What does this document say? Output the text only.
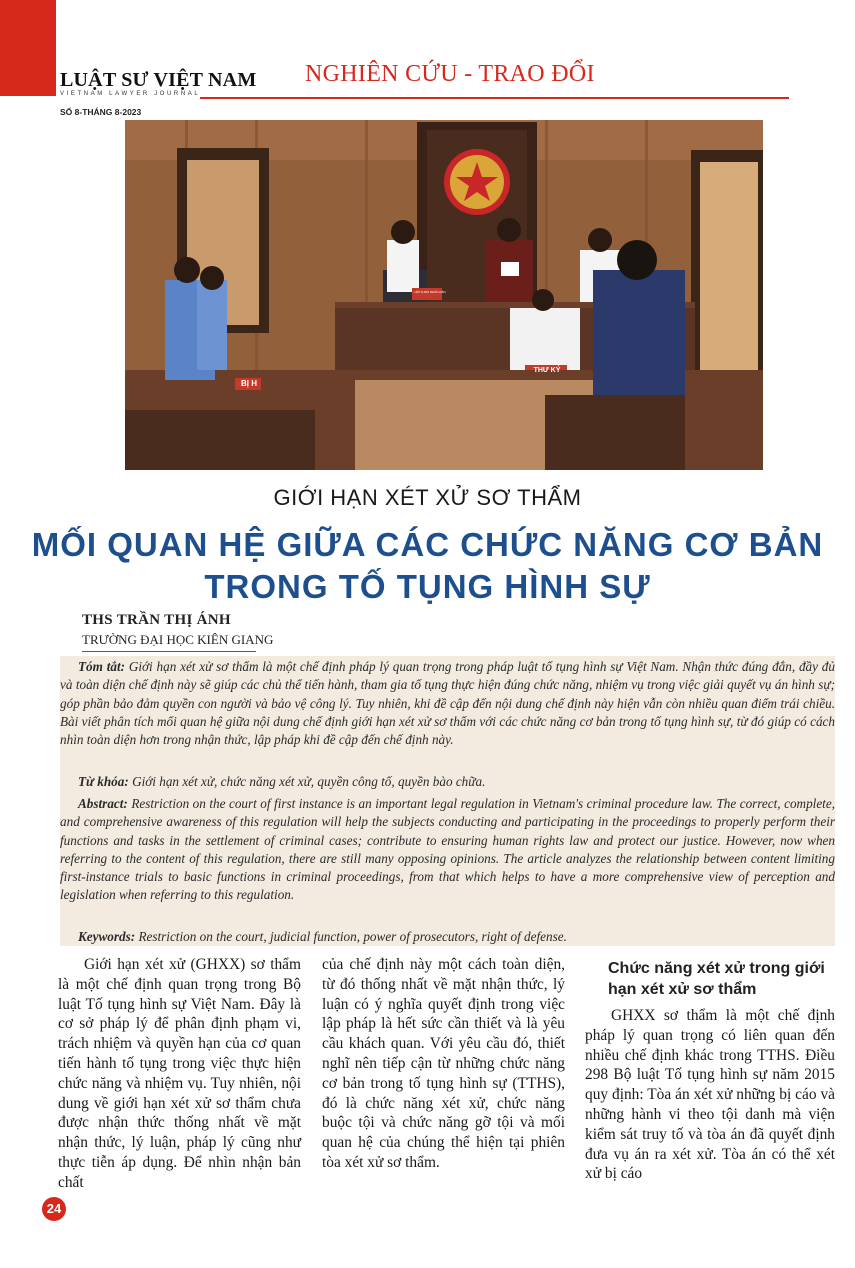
LUẬT SƯ VIỆT NAM
VIETNAM LAWYER JOURNAL
SỐ 8-THÁNG 8-2023
NGHIÊN CỨU - TRAO ĐỔI
HỘI THẨM NHÂN DÂN
THƯ KÝ
BỊ H
GIỚI HẠN XÉT XỬ SƠ THẨM
MỐI QUAN HỆ GIỮA CÁC CHỨC NĂNG CƠ BẢN
TRONG TỐ TỤNG HÌNH SỰ
THS TRẦN THỊ ÁNH
TRƯỜNG ĐẠI HỌC KIÊN GIANG

Tóm tắt: Giới hạn xét xử sơ thẩm là một chế định pháp lý quan trọng trong pháp luật tố tụng hình sự Việt Nam. Nhận thức đúng đắn, đầy đủ và toàn diện chế định này sẽ giúp các chủ thể tiến hành, tham gia tố tụng thực hiện đúng chức năng, nhiệm vụ trong việc giải quyết vụ án hình sự; góp phần bảo đảm quyền con người và bảo vệ công lý. Tuy nhiên, khi đề cập đến nội dung chế định này hiện vẫn còn nhiều quan điểm trái chiều. Bài viết phân tích mối quan hệ giữa nội dung chế định giới hạn xét xử sơ thẩm với các chức năng cơ bản trong tố tụng hình sự, từ đó giúp có cách nhìn toàn diện hơn trong nhận thức, lập pháp khi đề cập đến chế định này.

Từ khóa: Giới hạn xét xử, chức năng xét xử, quyền công tố, quyền bào chữa.

Abstract: Restriction on the court of first instance is an important legal regulation in Vietnam's criminal procedure law. The correct, complete, and comprehensive awareness of this regulation will help the subjects conducting and participating in the proceedings to properly perform their functions and tasks in the settlement of criminal cases; contribute to ensuring human rights law and protect our justice. However, now when referring to the content of this regulation, there are still many opposing opinions. The article analyzes the relationship between content limiting first-instance trials to basic functions in criminal proceedings, from that which helps to have a more comprehensive view of perception and legislation when referring to this regulation.

Keywords: Restriction on the court, judicial function, power of prosecutors, right of defense.

Giới hạn xét xử (GHXX) sơ thẩm là một chế định quan trọng trong Bộ luật Tố tụng hình sự Việt Nam. Đây là cơ sở pháp lý để phân định phạm vi, trách nhiệm và quyền hạn của cơ quan tiến hành tố tụng trong việc thực hiện chức năng và nhiệm vụ. Tuy nhiên, nội dung về giới hạn xét xử sơ thẩm chưa được nhận thức thống nhất về mặt nhận thức, lý luận, pháp lý cũng như thực tiễn áp dụng. Để nhìn nhận bản chất

của chế định này một cách toàn diện, từ đó thống nhất về mặt nhận thức, lý luận có ý nghĩa quyết định trong việc lập pháp là hết sức cần thiết và là yêu cầu khách quan. Với yêu cầu đó, thiết nghĩ nên tiếp cận từ những chức năng cơ bản trong tố tụng hình sự (TTHS), đó là chức năng xét xử, chức năng buộc tội và chức năng gỡ tội và mối quan hệ của chúng thể hiện tại phiên tòa xét xử sơ thẩm.

Chức năng xét xử trong giới hạn xét xử sơ thẩm

GHXX sơ thẩm là một chế định pháp lý quan trọng có liên quan đến nhiều chế định khác trong TTHS. Điều 298 Bộ luật Tố tụng hình sự năm 2015 quy định: Tòa án xét xử những bị cáo và những hành vi theo tội danh mà viện kiểm sát truy tố và tòa án đã quyết định đưa vụ án ra xét xử. Tòa án có thể xét xử bị cáo

24
